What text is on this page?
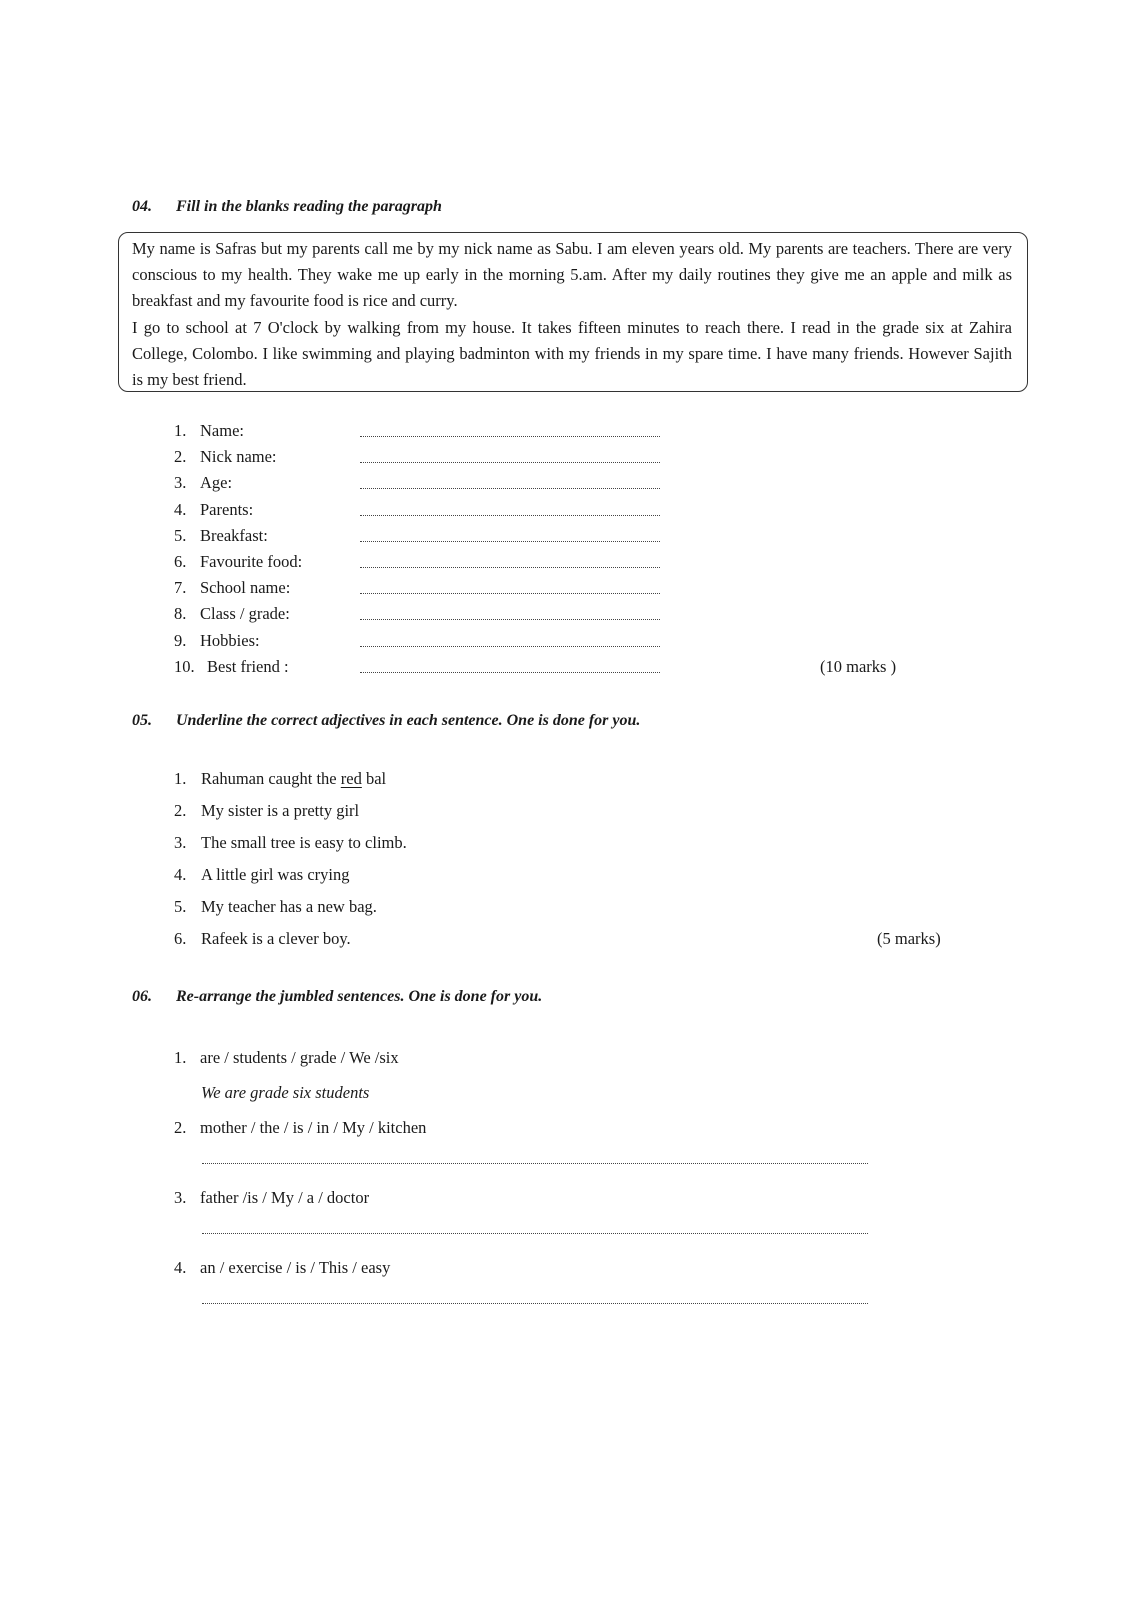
04. Fill in the blanks reading the paragraph

My name is Safras but my parents call me by my nick name as Sabu. I am eleven years old. My parents are teachers. There are very conscious to my health. They wake me up early in the morning 5.am. After my daily routines they give me an apple and milk as breakfast and my favourite food is rice and curry.

I go to school at 7 O'clock by walking from my house. It takes fifteen minutes to reach there. I read in the grade six at Zahira College, Colombo. I like swimming and playing badminton with my friends in my spare time. I have many friends. However Sajith is my best friend.

1. Name:
2. Nick name:
3. Age:
4. Parents:
5. Breakfast:
6. Favourite food:
7. School name:
8. Class / grade:
9. Hobbies:
10. Best friend :	(10 marks )
05. Underline the correct adjectives in each sentence. One is done for you.
1. Rahuman caught the red bal
2. My sister is a pretty girl
3. The small tree is easy to climb.
4. A little girl was crying
5. My teacher has a new bag.
6. Rafeek is a clever boy.	(5 marks)
06. Re-arrange the jumbled sentences. One is done for you.
1. are / students / grade / We /six
We are grade six students
2. mother / the / is / in / My / kitchen
3. father /is / My / a / doctor
4. an / exercise / is / This / easy
